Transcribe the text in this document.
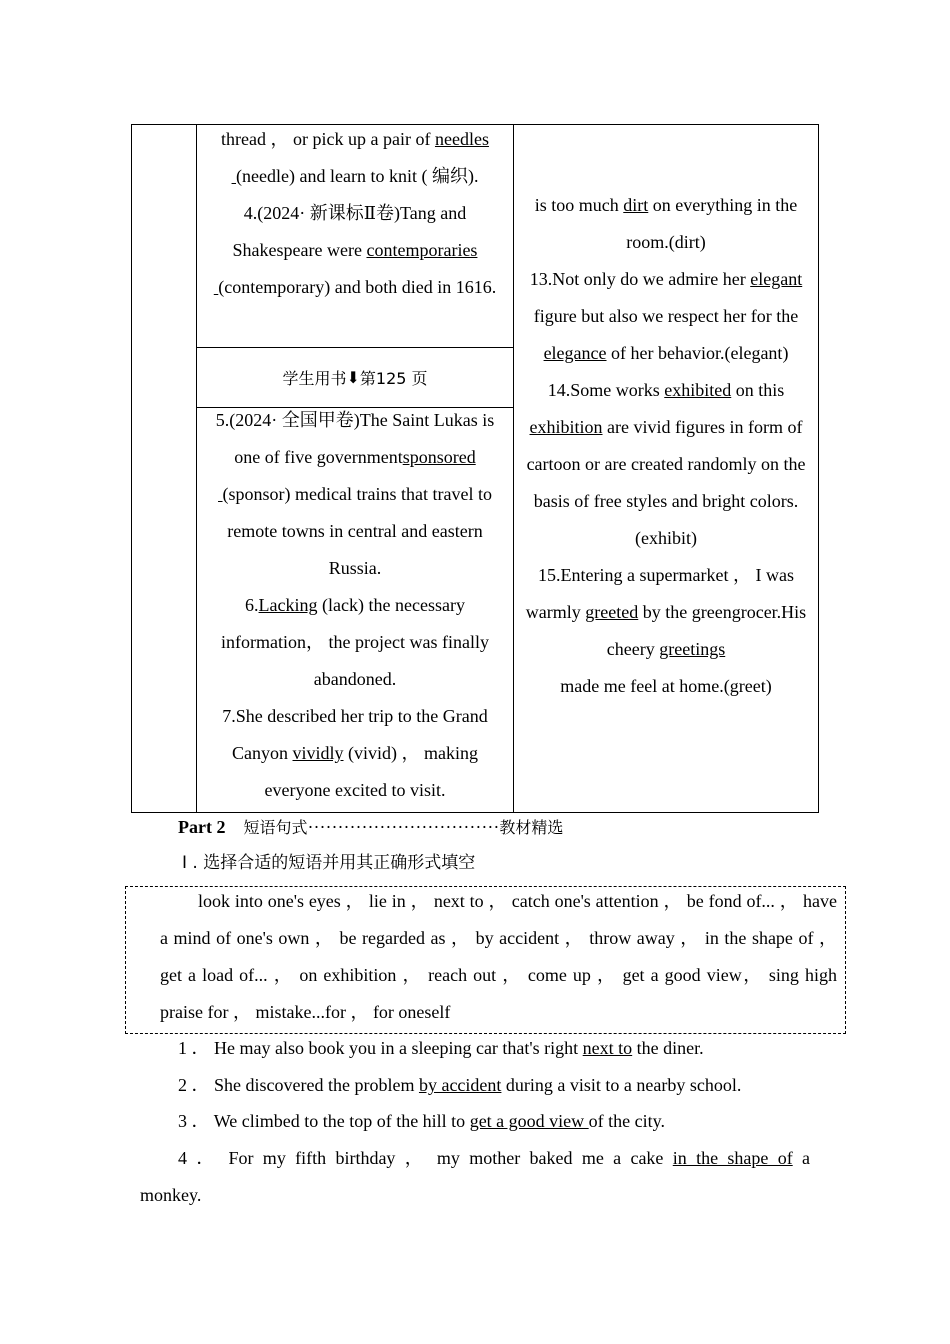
thread ， or pick up a pair of needles
(needle) and learn to knit ( 编织).
4.(2024· 新课标Ⅱ卷)Tang and Shakespeare were contemporaries
(contemporary) and both died in 1616.
学生用书 ⬇ 第125 页
5.(2024· 全国甲卷)The Saint Lukas is one of five governmentsponsored
(sponsor) medical trains that travel to remote towns in central and eastern Russia.
6.Lacking (lack) the necessary information， the project was finally abandoned.
7.She described her trip to the Grand Canyon vividly (vivid) ， making everyone excited to visit.
is too much dirt on everything in the room.(dirt)
13.Not only do we admire her elegant figure but also we respect her for the elegance of her behavior.(elegant)
14.Some works exhibited on this exhibition are vivid figures in form of cartoon or are created randomly on the basis of free styles and bright colors.(exhibit)
15.Entering a supermarket ， I was warmly greeted by the greengrocer.His cheery greetings
made me feel at home.(greet)
Part 2 短语句式································教材精选
Ⅰ . 选择合适的短语并用其正确形式填空
look into one's eyes ， lie in ， next to ， catch one's attention ， be fond of... ， have a mind of one's own ， be regarded as ， by accident ， throw away ， in the shape of ， get a load of... ， on exhibition ， reach out ， come up ， get a good view， sing high praise for ， mistake...for ， for oneself
1 ． He may also book you in a sleeping car that's right next to the diner.
2 ． She discovered the problem by accident during a visit to a nearby school.
3 ． We climbed to the top of the hill to get a good view of the city.
4 ． For my fifth birthday ， my mother baked me a cake in the shape of a
monkey.
